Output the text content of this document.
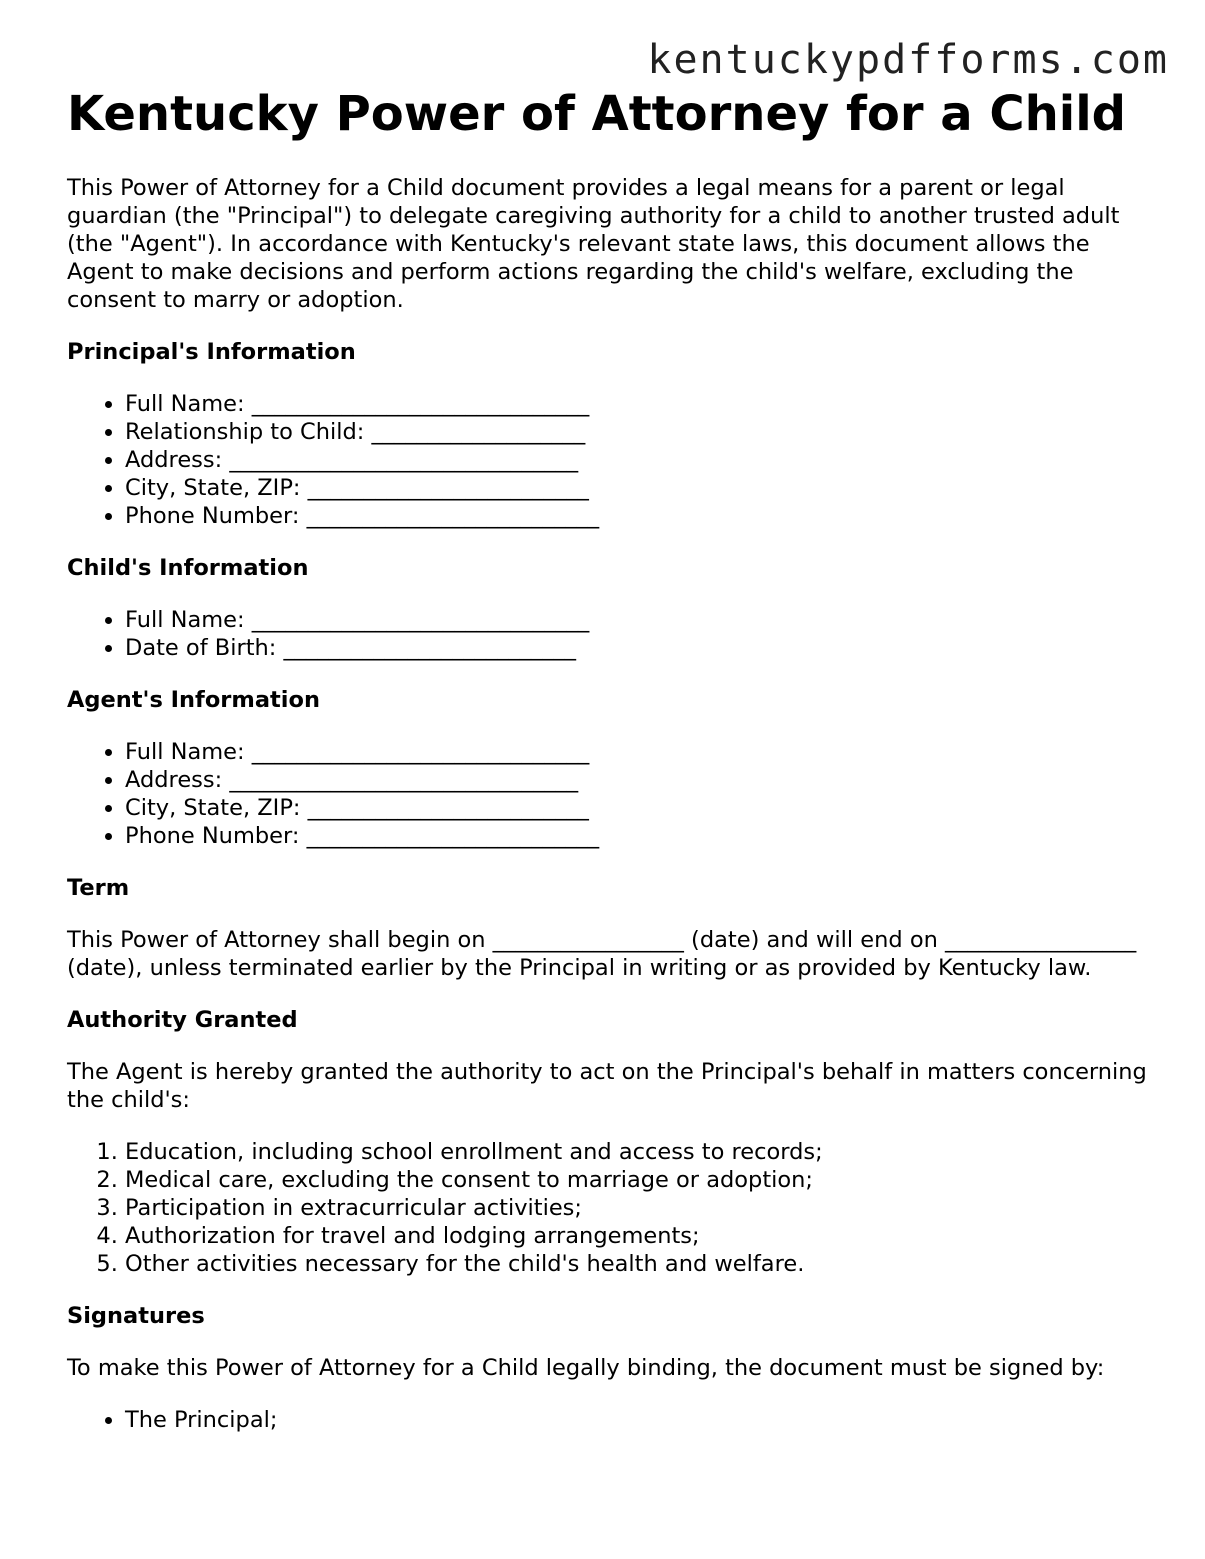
kentuckypdfforms.com
Kentucky Power of Attorney for a Child

This Power of Attorney for a Child document provides a legal means for a parent or legal guardian (the "Principal") to delegate caregiving authority for a child to another trusted adult (the "Agent"). In accordance with Kentucky's relevant state laws, this document allows the Agent to make decisions and perform actions regarding the child's welfare, excluding the consent to marry or adoption.

Principal's Information
• Full Name: ______________________________
• Relationship to Child: ___________________
• Address: _______________________________
• City, State, ZIP: _________________________
• Phone Number: __________________________
Child's Information
• Full Name: ______________________________
• Date of Birth: __________________________
Agent's Information
• Full Name: ______________________________
• Address: _______________________________
• City, State, ZIP: _________________________
• Phone Number: __________________________
Term

This Power of Attorney shall begin on _________________ (date) and will end on _________________ (date), unless terminated earlier by the Principal in writing or as provided by Kentucky law.

Authority Granted

The Agent is hereby granted the authority to act on the Principal's behalf in matters concerning the child's:

1. Education, including school enrollment and access to records;
2. Medical care, excluding the consent to marriage or adoption;
3. Participation in extracurricular activities;
4. Authorization for travel and lodging arrangements;
5. Other activities necessary for the child's health and welfare.
Signatures

To make this Power of Attorney for a Child legally binding, the document must be signed by:

• The Principal;
